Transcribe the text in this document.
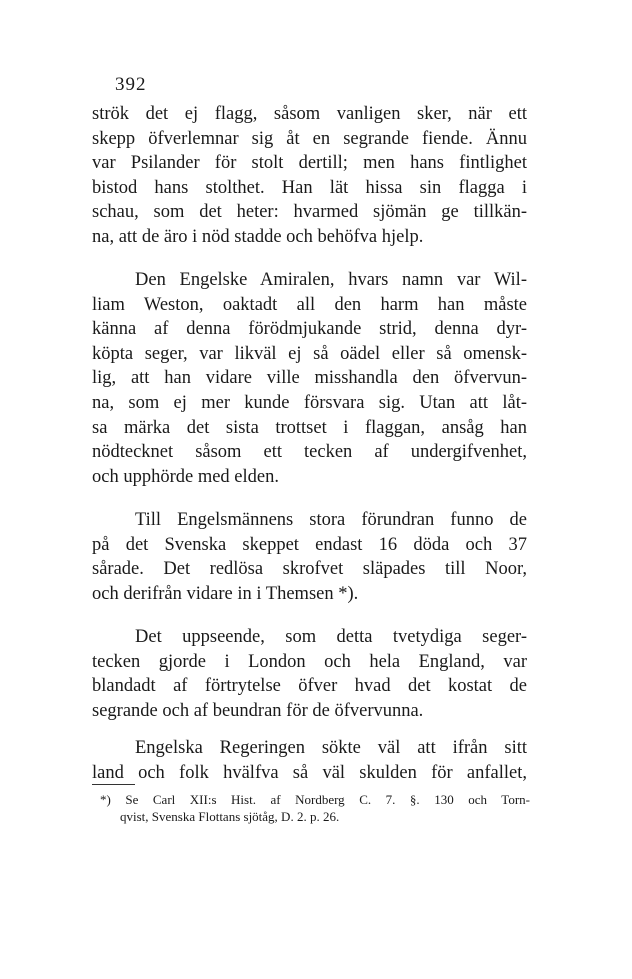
392
strök det ej flagg, såsom vanligen sker, när ett
skepp öfverlemnar sig åt en segrande fiende. Ännu
var Psilander för stolt dertill; men hans fintlighet
bistod hans stolthet. Han lät hissa sin flagga i
schau, som det heter: hvarmed sjömän ge tillkän-
na, att de äro i nöd stadde och behöfva hjelp.
Den Engelske Amiralen, hvars namn var Wil-
liam Weston, oaktadt all den harm han måste
känna af denna förödmjukande strid, denna dyr-
köpta seger, var likväl ej så oädel eller så omensk-
lig, att han vidare ville misshandla den öfvervun-
na, som ej mer kunde försvara sig. Utan att låt-
sa märka det sista trottset i flaggan, ansåg han
nödtecknet såsom ett tecken af undergifvenhet,
och upphörde med elden.
Till Engelsmännens stora förundran funno de
på det Svenska skeppet endast 16 döda och 37
sårade. Det redlösa skrofvet släpades till Noor,
och derifrån vidare in i Themsen *).
Det uppseende, som detta tvetydiga seger-
tecken gjorde i London och hela England, var
blandadt af förtrytelse öfver hvad det kostat de
segrande och af beundran för de öfvervunna.
Engelska Regeringen sökte väl att ifrån sitt
land och folk hvälfva så väl skulden för anfallet,
*) Se Carl XII:s Hist. af Nordberg C. 7. §. 130 och Torn-
qvist, Svenska Flottans sjötåg, D. 2. p. 26.
